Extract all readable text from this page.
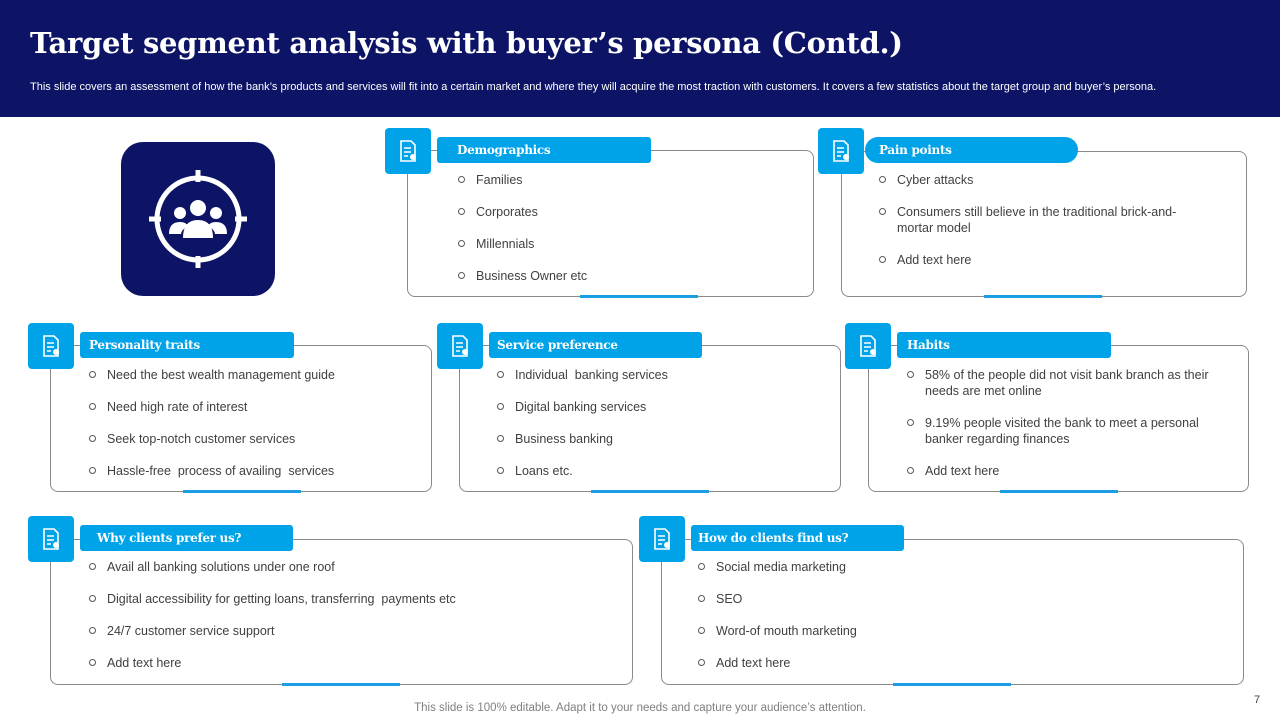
Target segment analysis with buyer’s persona (Contd.)

This slide covers an assessment of how the bank’s products and services will fit into a certain market and where they will acquire the most traction with customers. It covers a few statistics about the target group and buyer’s persona.

Demographics
Families
Corporates
Millennials
Business Owner etc
Pain points
Cyber attacks
Consumers still believe in the traditional brick-and-mortar model
Add text here
Personality traits
Need the best wealth management guide
Need high rate of interest
Seek top-notch customer services
Hassle-free  process of availing  services
Service preference
Individual  banking services
Digital banking services
Business banking
Loans etc.
Habits
58% of the people did not visit bank branch as their needs are met online
9.19% people visited the bank to meet a personal banker regarding finances
Add text here
Why clients prefer us?
Avail all banking solutions under one roof
Digital accessibility for getting loans, transferring  payments etc
24/7 customer service support
Add text here
How do clients find us?
Social media marketing
SEO
Word-of mouth marketing
Add text here
This slide is 100% editable. Adapt it to your needs and capture your audience’s attention.
7
